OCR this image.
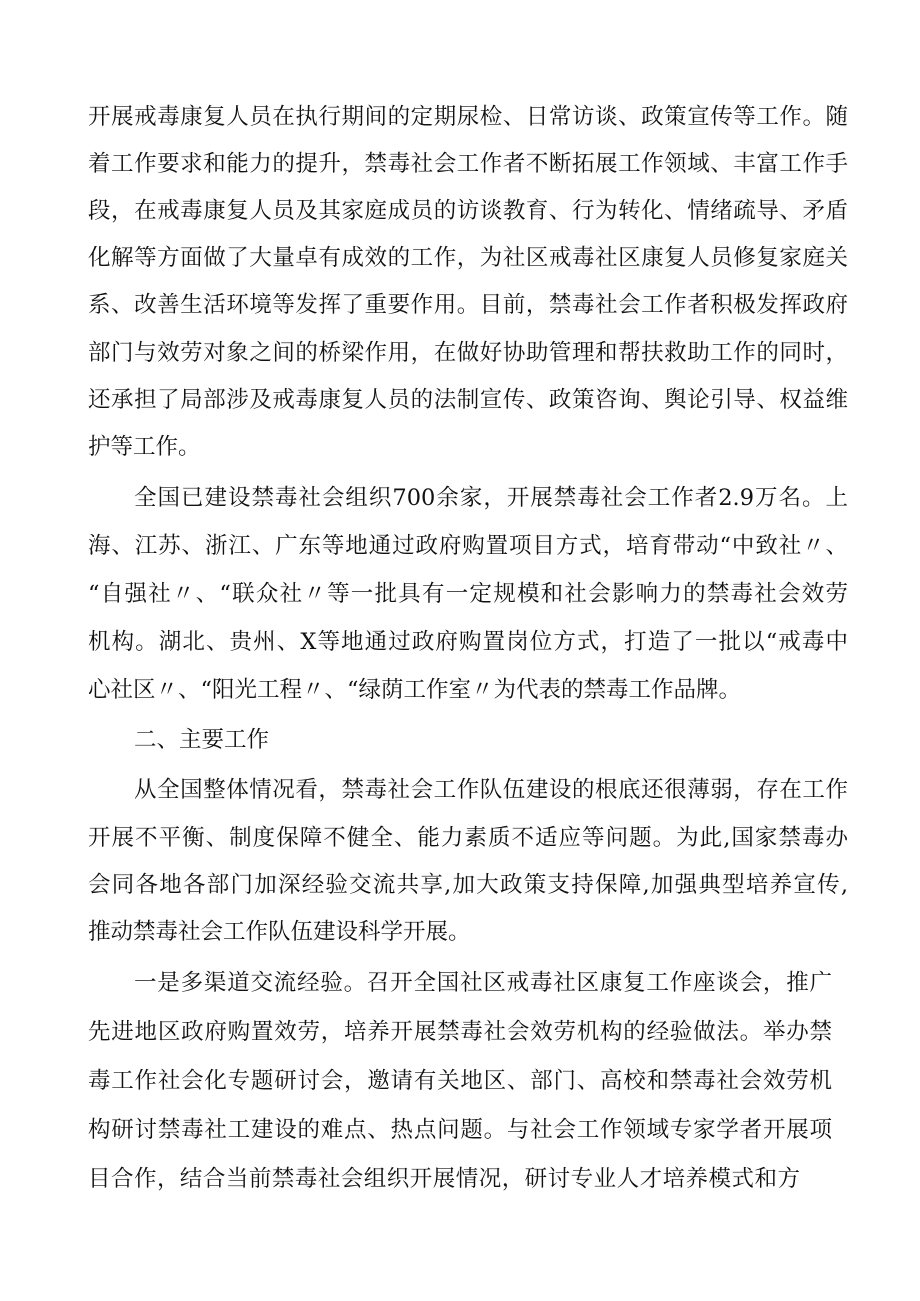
开展戒毒康复人员在执行期间的定期尿检、日常访谈、政策宣传等工作。随
着工作要求和能力的提升，禁毒社会工作者不断拓展工作领域、丰富工作手
段，在戒毒康复人员及其家庭成员的访谈教育、行为转化、情绪疏导、矛盾
化解等方面做了大量卓有成效的工作，为社区戒毒社区康复人员修复家庭关
系、改善生活环境等发挥了重要作用。目前，禁毒社会工作者积极发挥政府
部门与效劳对象之间的桥梁作用，在做好协助管理和帮扶救助工作的同时，
还承担了局部涉及戒毒康复人员的法制宣传、政策咨询、舆论引导、权益维
护等工作。
全国已建设禁毒社会组织700余家，开展禁毒社会工作者2.9万名。上
海、江苏、浙江、广东等地通过政府购置项目方式，培育带动“中致社〃、
“自强社〃、“联众社〃等一批具有一定规模和社会影响力的禁毒社会效劳
机构。湖北、贵州、X等地通过政府购置岗位方式，打造了一批以“戒毒中
心社区〃、“阳光工程〃、“绿荫工作室〃为代表的禁毒工作品牌。
二、主要工作
从全国整体情况看，禁毒社会工作队伍建设的根底还很薄弱，存在工作
开展不平衡、制度保障不健全、能力素质不适应等问题。为此,国家禁毒办
会同各地各部门加深经验交流共享,加大政策支持保障,加强典型培养宣传,
推动禁毒社会工作队伍建设科学开展。
一是多渠道交流经验。召开全国社区戒毒社区康复工作座谈会，推广
先进地区政府购置效劳，培养开展禁毒社会效劳机构的经验做法。举办禁
毒工作社会化专题研讨会，邀请有关地区、部门、高校和禁毒社会效劳机
构研讨禁毒社工建设的难点、热点问题。与社会工作领域专家学者开展项
目合作，结合当前禁毒社会组织开展情况，研讨专业人才培养模式和方
